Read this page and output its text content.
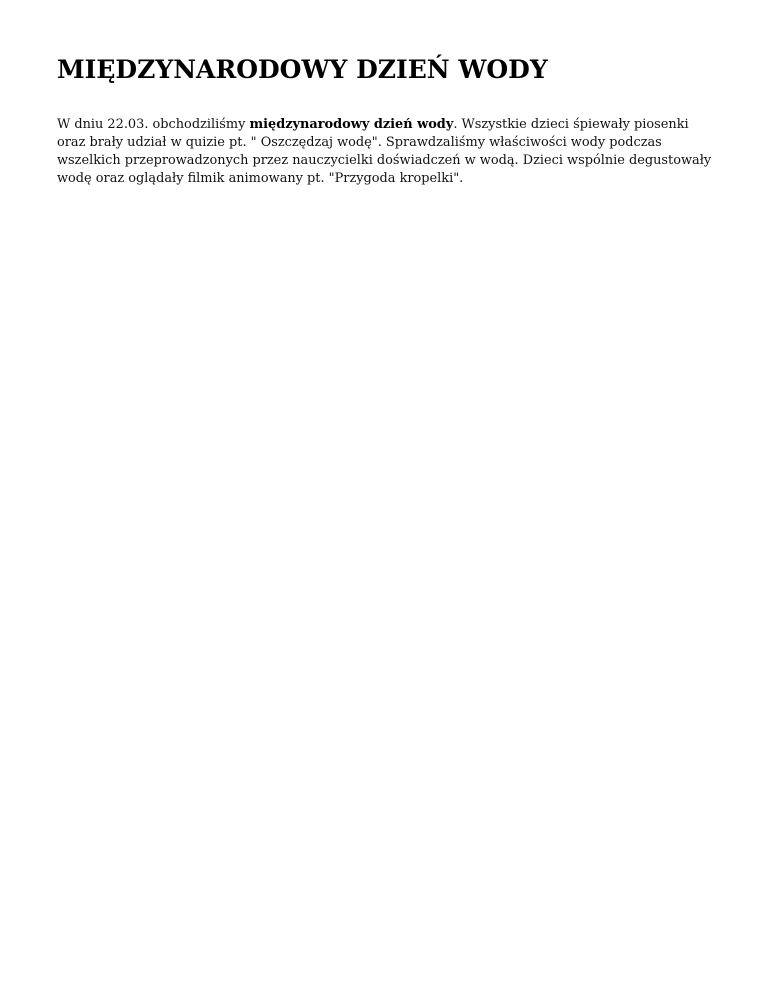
MIĘDZYNARODOWY DZIEŃ WODY

W dniu 22.03. obchodziliśmy międzynarodowy dzień wody. Wszystkie dzieci śpiewały piosenki oraz brały udział w quizie pt. " Oszczędzaj wodę". Sprawdzaliśmy właściwości wody podczas wszelkich przeprowadzonych przez nauczycielki doświadczeń w wodą. Dzieci wspólnie degustowały wodę oraz oglądały filmik animowany pt. "Przygoda kropelki".
